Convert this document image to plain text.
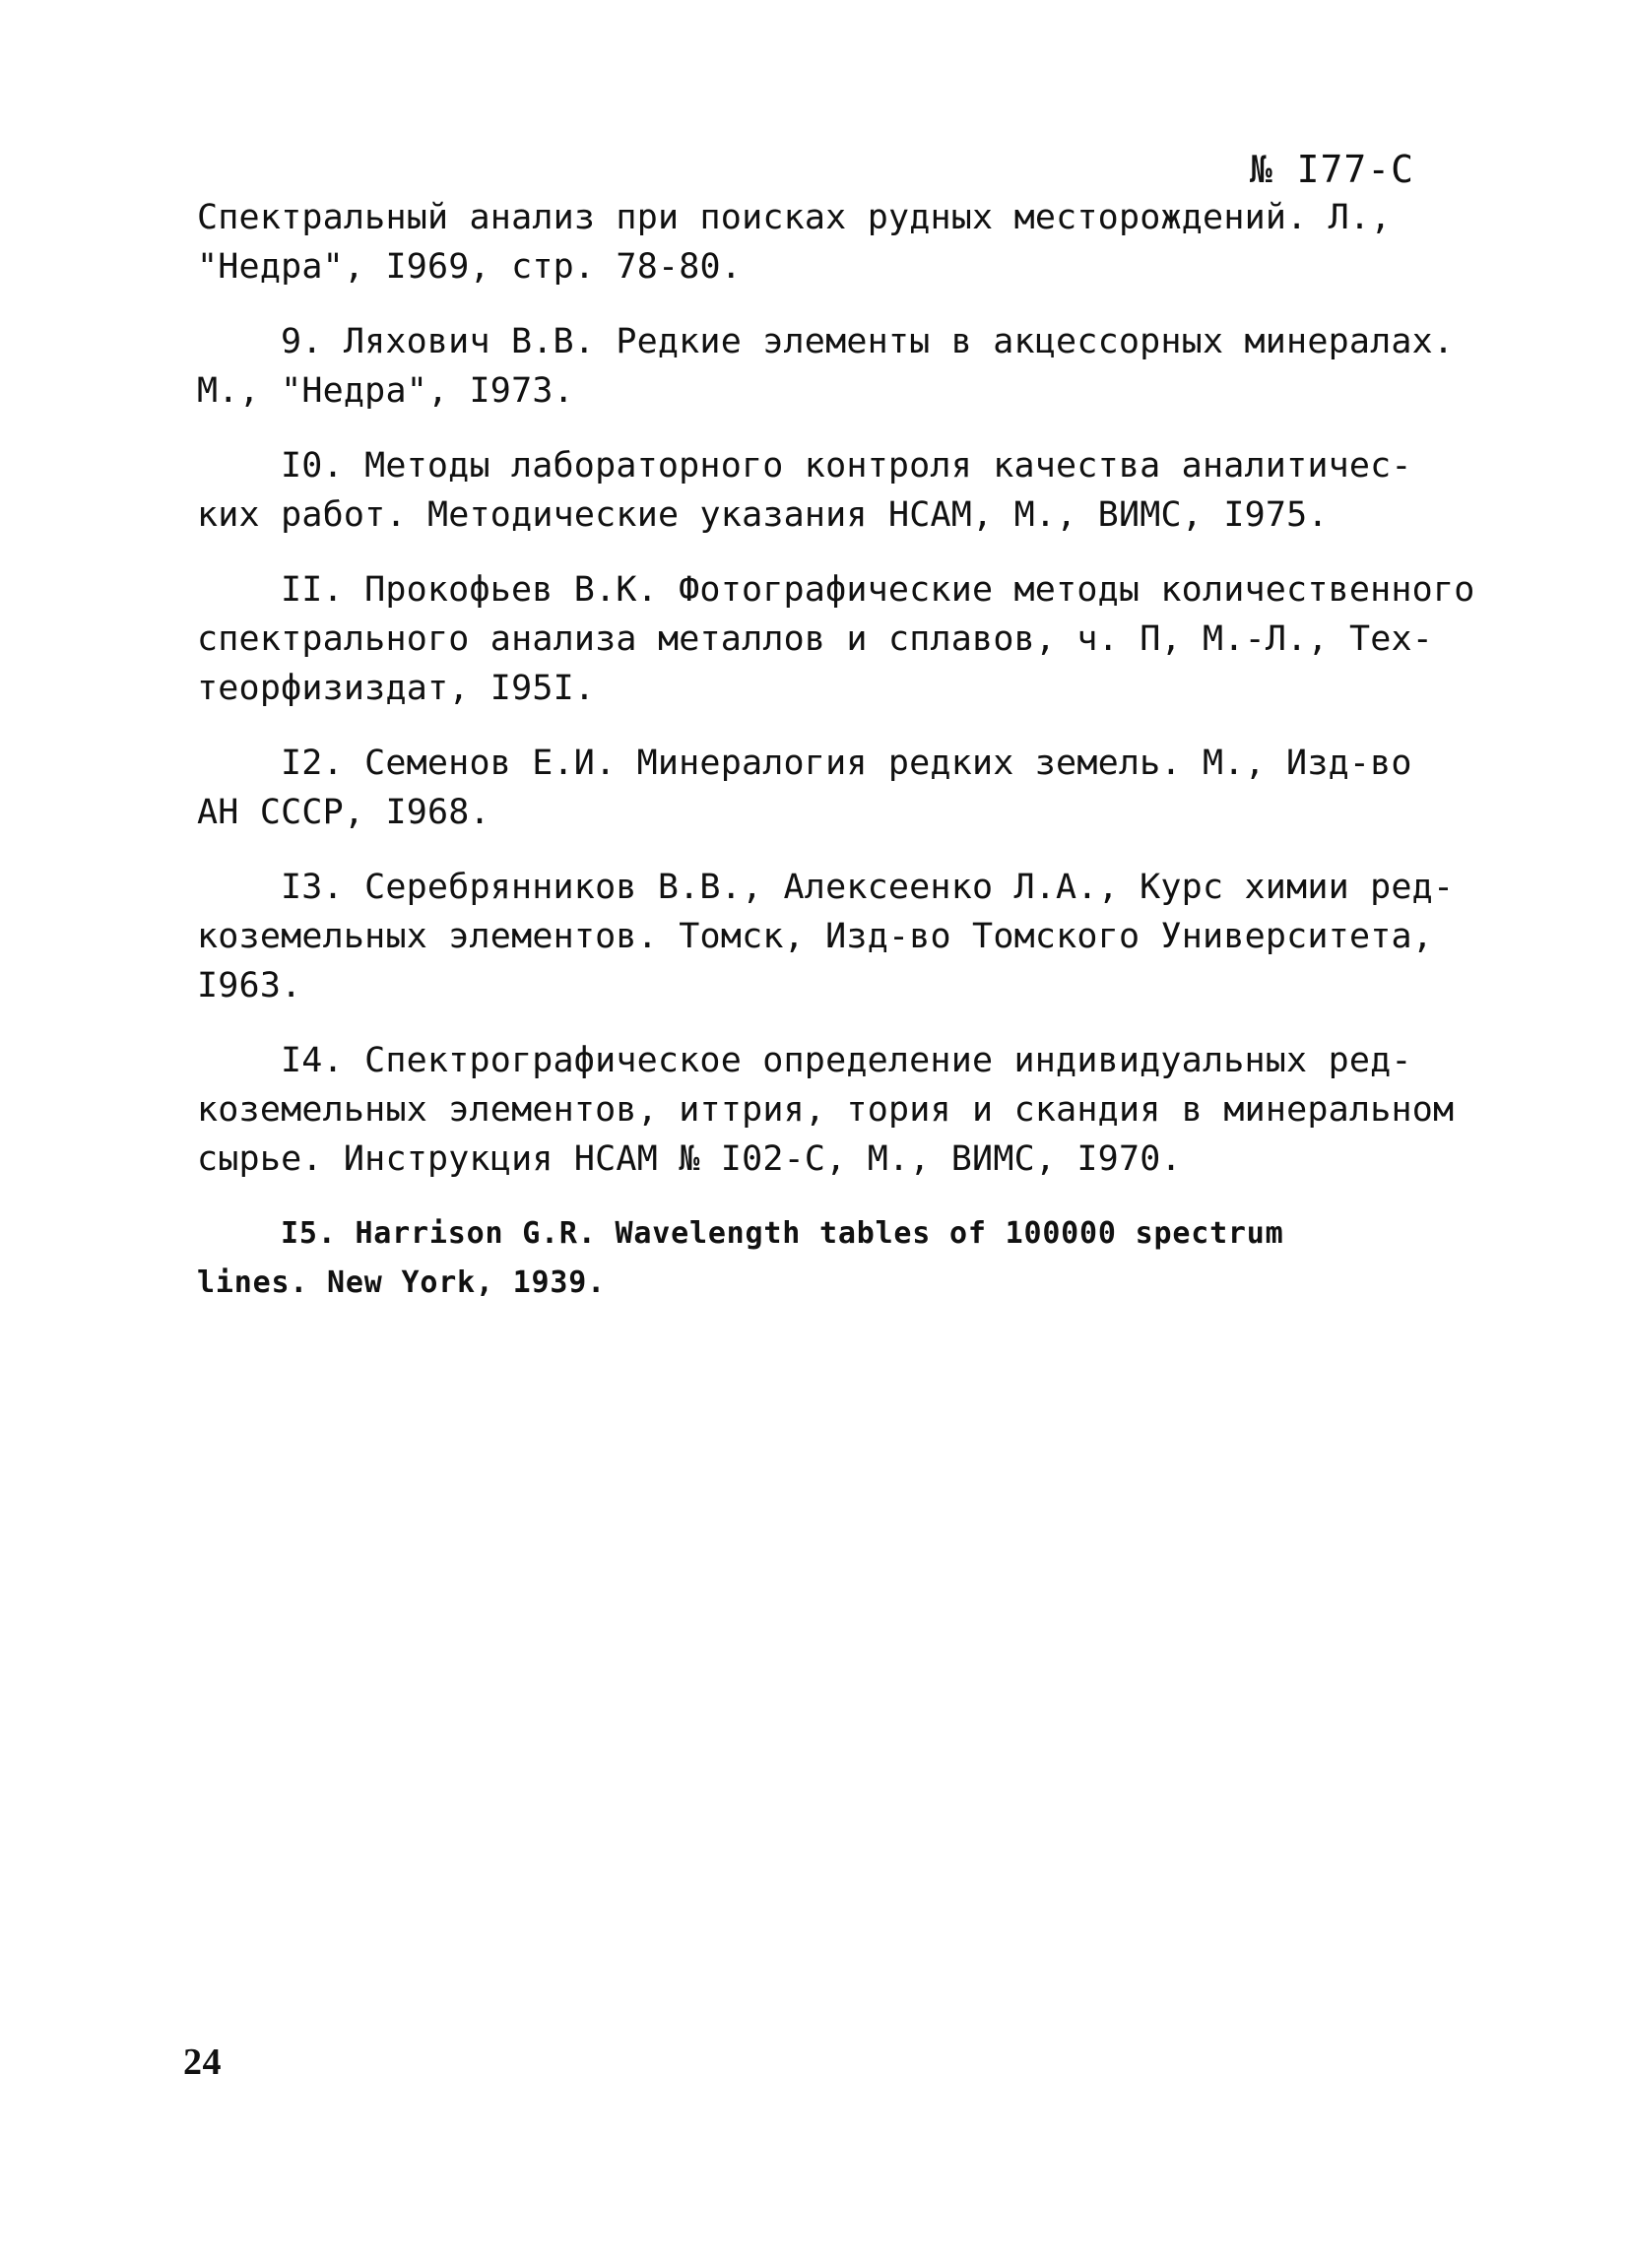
№ I77-С

Спектральный анализ при поисках рудных месторождений. Л.,
"Недра", I969, стр. 78-80.

9. Ляхович В.В. Редкие элементы в акцессорных минералах.
М., "Недра", I973.

I0. Методы лабораторного контроля качества аналитичес-
ких работ. Методические указания НСАМ, М., ВИМС, I975.

II. Прокофьев В.К. Фотографические методы количественного
спектрального анализа металлов и сплавов, ч. П, М.-Л., Тех-
теорфизиздат, I95I.

I2. Семенов Е.И. Минералогия редких земель. М., Изд-во
АН СССР, I968.

I3. Серебрянников В.В., Алексеенко Л.А., Курс химии ред-
коземельных элементов. Томск, Изд-во Томского Университета,
I963.

I4. Спектрографическое определение индивидуальных ред-
коземельных элементов, иттрия, тория и скандия в минеральном
сырье. Инструкция НСАМ № I02-С, М., ВИМС, I970.

I5. Harrison G.R. Wavelength tables of 100000 spectrum
lines. New York, 1939.

24
